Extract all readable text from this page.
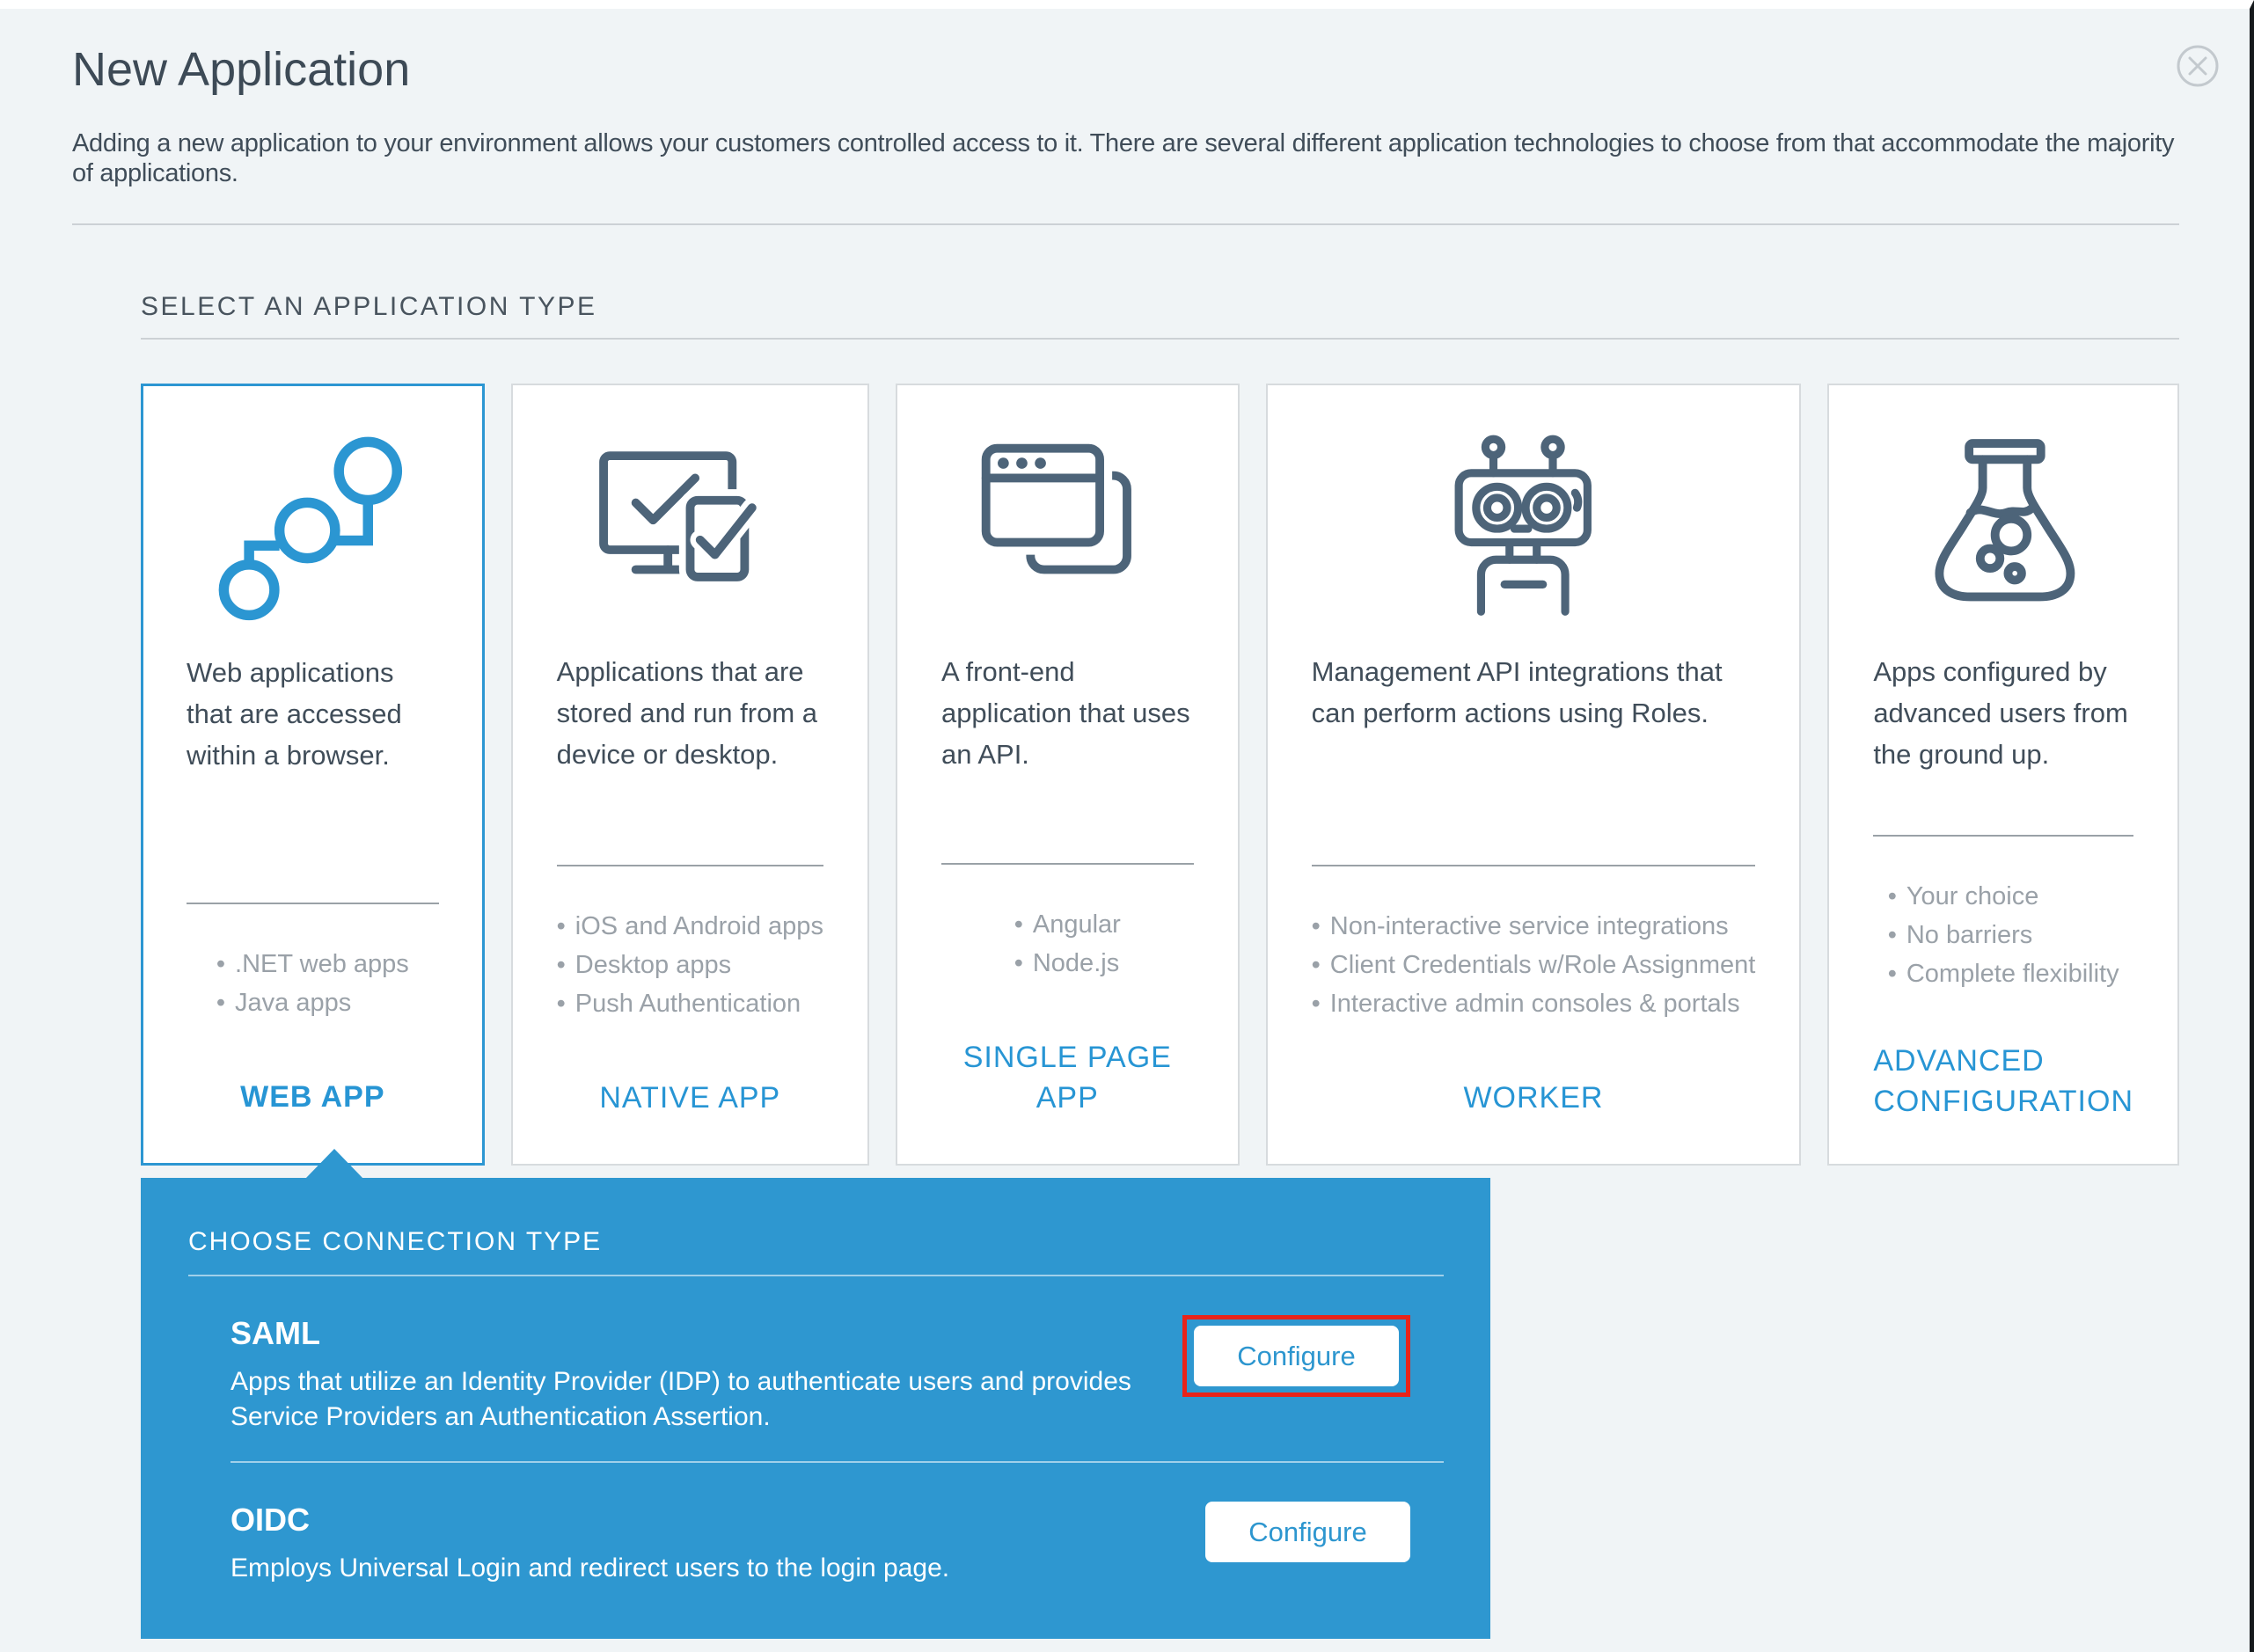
New Application

Adding a new application to your environment allows your customers controlled access to it. There are several different application technologies to choose from that accommodate the majority of applications.

SELECT AN APPLICATION TYPE

Web applications that are accessed within a browser.

• .NET web apps
• Java apps
WEB APP

Applications that are stored and run from a device or desktop.

• iOS and Android apps
• Desktop apps
• Push Authentication
NATIVE APP

A front-end application that uses an API.

• Angular
• Node.js
SINGLE PAGE APP

Management API integrations that can perform actions using Roles.

• Non-interactive service integrations
• Client Credentials w/Role Assignment
• Interactive admin consoles & portals
WORKER

Apps configured by advanced users from the ground up.

• Your choice
• No barriers
• Complete flexibility
ADVANCED CONFIGURATION
CHOOSE CONNECTION TYPE
SAML

Apps that utilize an Identity Provider (IDP) to authenticate users and provides Service Providers an Authentication Assertion.

Configure
OIDC

Employs Universal Login and redirect users to the login page.

Configure
